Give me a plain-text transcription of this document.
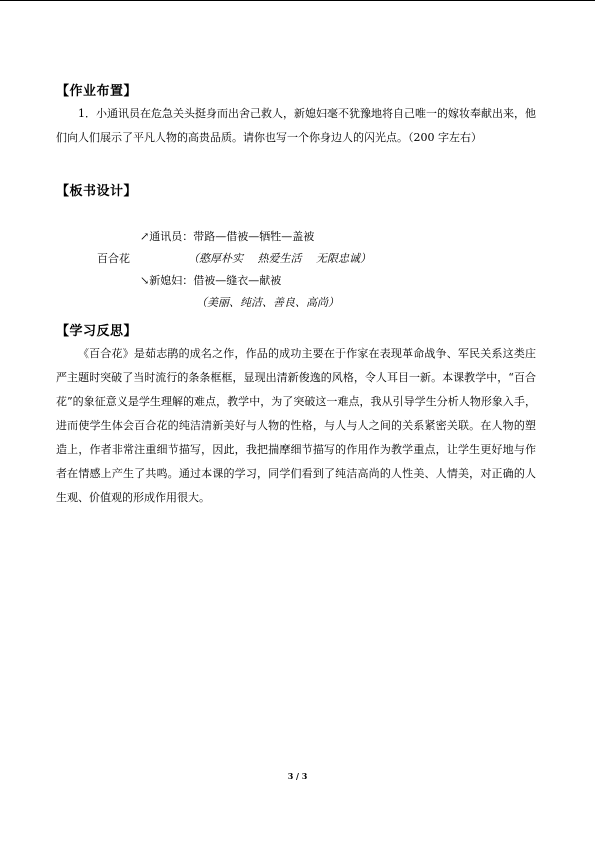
【作业布置】
1．小通讯员在危急关头挺身而出舍己救人，新媳妇毫不犹豫地将自己唯一的嫁妆奉献出来，他们向人们展示了平凡人物的高贵品质。请你也写一个你身边人的闪光点。（200 字左右）
【板书设计】
↗通讯员：带路—借被—牺牲—盖被
百合花	（憨厚朴实　 热爱生活　 无限忠诚）
↘新媳妇：借被—缝衣—献被
（美丽、纯洁、善良、高尚）
【学习反思】
《百合花》是茹志鹃的成名之作，作品的成功主要在于作家在表现革命战争、军民关系这类庄严主题时突破了当时流行的条条框框，显现出清新俊逸的风格，令人耳目一新。本课教学中，“百合花”的象征意义是学生理解的难点，教学中，为了突破这一难点，我从引导学生分析人物形象入手，进而使学生体会百合花的纯洁清新美好与人物的性格，与人与人之间的关系紧密关联。在人物的塑造上，作者非常注重细节描写，因此，我把揣摩细节描写的作用作为教学重点，让学生更好地与作者在情感上产生了共鸣。通过本课的学习，同学们看到了纯洁高尚的人性美、人情美，对正确的人生观、价值观的形成作用很大。
3 / 3
